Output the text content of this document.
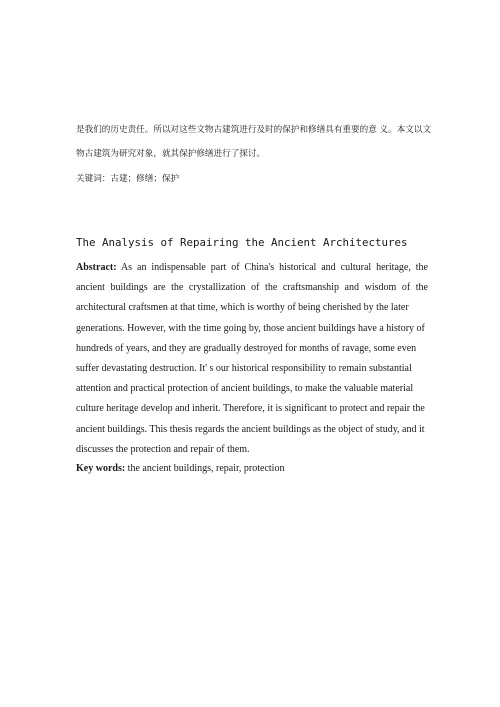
是我们的历史责任。所以对这些文物古建筑进行及时的保护和修缮具有重要的意 义。本文以文
物古建筑为研究对象，就其保护修缮进行了探讨。
关键词：古建；修缮；保护
The Analysis of Repairing the Ancient Architectures
Abstract: As an indispensable part of China's historical and cultural heritage, the
ancient buildings are the crystallization of the craftsmanship and wisdom of the
architectural craftsmen at that time, which is worthy of being cherished by the later
generations. However, with the time going by, those ancient buildings have a history of
hundreds of years, and they are gradually destroyed for months of ravage, some even
suffer devastating destruction. It' s our historical responsibility to remain substantial
attention and practical protection of ancient buildings, to make the valuable material
culture heritage develop and inherit. Therefore, it is significant to protect and repair the
ancient buildings. This thesis regards the ancient buildings as the object of study, and it
discusses the protection and repair of them.
Key words: the ancient buildings, repair, protection
